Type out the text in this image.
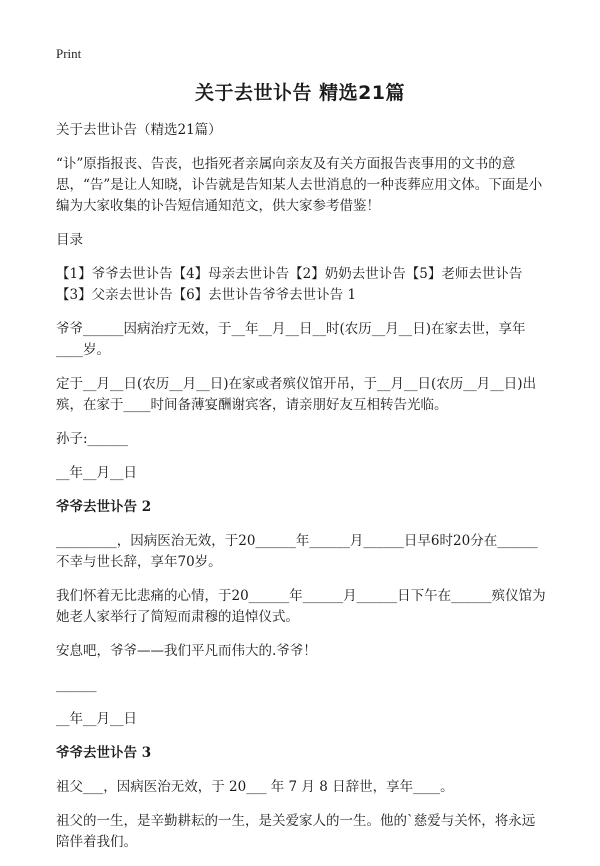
Print
关于去世讣告 精选21篇

关于去世讣告（精选21篇）

“讣”原指报丧、告丧，也指死者亲属向亲友及有关方面报告丧事用的文书的意思，“告”是让人知晓，讣告就是告知某人去世消息的一种丧葬应用文体。下面是小编为大家收集的讣告短信通知范文，供大家参考借鉴！

目录

【1】爷爷去世讣告【4】母亲去世讣告【2】奶奶去世讣告【5】老师去世讣告【3】父亲去世讣告【6】去世讣告爷爷去世讣告 1

爷爷______因病治疗无效，于__年__月__日__时(农历__月__日)在家去世，享年____岁。

定于__月__日(农历__月__日)在家或者殡仪馆开吊，于__月__日(农历__月__日)出殡，在家于____时间备薄宴酬谢宾客，请亲朋好友互相转告光临。

孙子:______

__年__月__日

爷爷去世讣告 2

_________，因病医治无效，于20______年______月______日早6时20分在______不幸与世长辞，享年70岁。

我们怀着无比悲痛的心情，于20______年______月______日下午在______殡仪馆为她老人家举行了简短而肃穆的追悼仪式。

安息吧，爷爷——我们平凡而伟大的.爷爷！

______

__年__月__日

爷爷去世讣告 3

祖父___，因病医治无效，于 20___ 年 7 月 8 日辞世，享年____。

祖父的一生，是辛勤耕耘的一生，是关爱家人的一生。他的`慈爱与关怀，将永远陪伴着我们。
